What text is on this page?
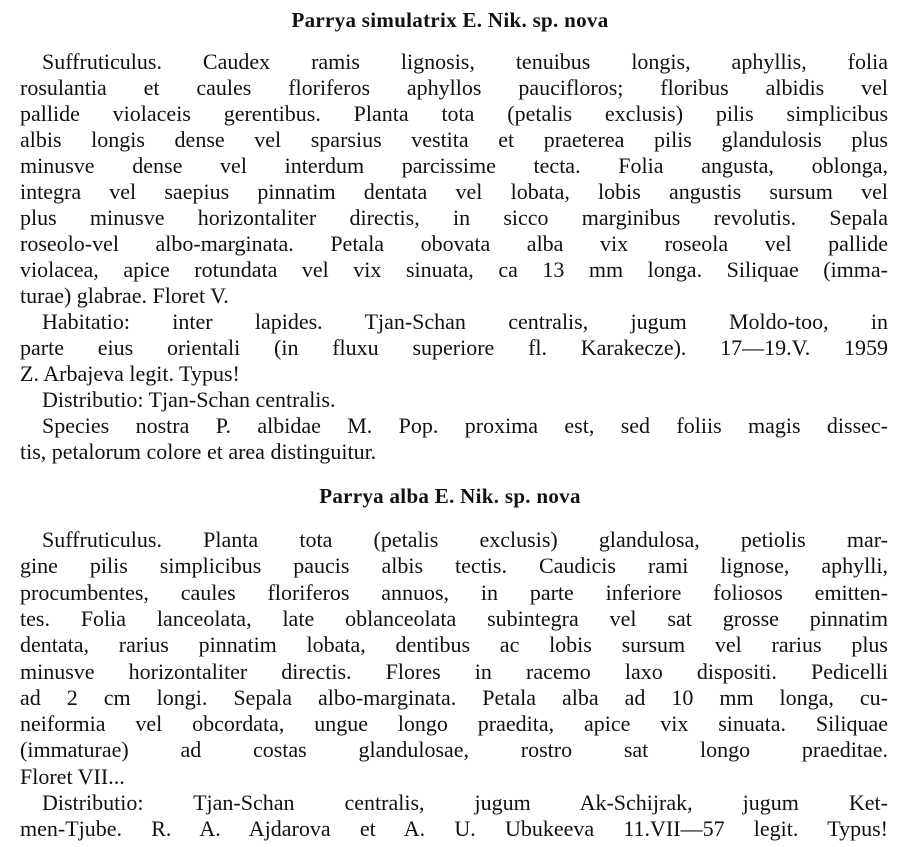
Parrya simulatrix E. Nik. sp. nova
Suffruticulus. Caudex ramis lignosis, tenuibus longis, aphyllis, folia
rosulantia et caules floriferos aphyllos paucifloros; floribus albidis vel
pallide violaceis gerentibus. Planta tota (petalis exclusis) pilis simplicibus
albis longis dense vel sparsius vestita et praeterea pilis glandulosis plus
minusve dense vel interdum parcissime tecta. Folia angusta, oblonga,
integra vel saepius pinnatim dentata vel lobata, lobis angustis sursum vel
plus minusve horizontaliter directis, in sicco marginibus revolutis. Sepala
roseolo-vel albo-marginata. Petala obovata alba vix roseola vel pallide
violacea, apice rotundata vel vix sinuata, ca 13 mm longa. Siliquae (imma-
turae) glabrae. Floret V.
Habitatio: inter lapides. Tjan-Schan centralis, jugum Moldo-too, in
parte eius orientali (in fluxu superiore fl. Karakecze). 17—19.V. 1959
Z. Arbajeva legit. Typus!
Distributio: Tjan-Schan centralis.
Species nostra P. albidae M. Pop. proxima est, sed foliis magis dissec-
tis, petalorum colore et area distinguitur.
Parrya alba E. Nik. sp. nova
Suffruticulus. Planta tota (petalis exclusis) glandulosa, petiolis mar-
gine pilis simplicibus paucis albis tectis. Caudicis rami lignose, aphylli,
procumbentes, caules floriferos annuos, in parte inferiore foliosos emitten-
tes. Folia lanceolata, late oblanceolata subintegra vel sat grosse pinnatim
dentata, rarius pinnatim lobata, dentibus ac lobis sursum vel rarius plus
minusve horizontaliter directis. Flores in racemo laxo dispositi. Pedicelli
ad 2 cm longi. Sepala albo-marginata. Petala alba ad 10 mm longa, cu-
neiformia vel obcordata, ungue longo praedita, apice vix sinuata. Siliquae
(immaturae) ad costas glandulosae, rostro sat longo praeditae.
Floret VII...
Distributio: Tjan-Schan centralis, jugum Ak-Schijrak, jugum Ket-
men-Tjube. R. A. Ajdarova et A. U. Ubukeeva 11.VII—57 legit. Typus!
